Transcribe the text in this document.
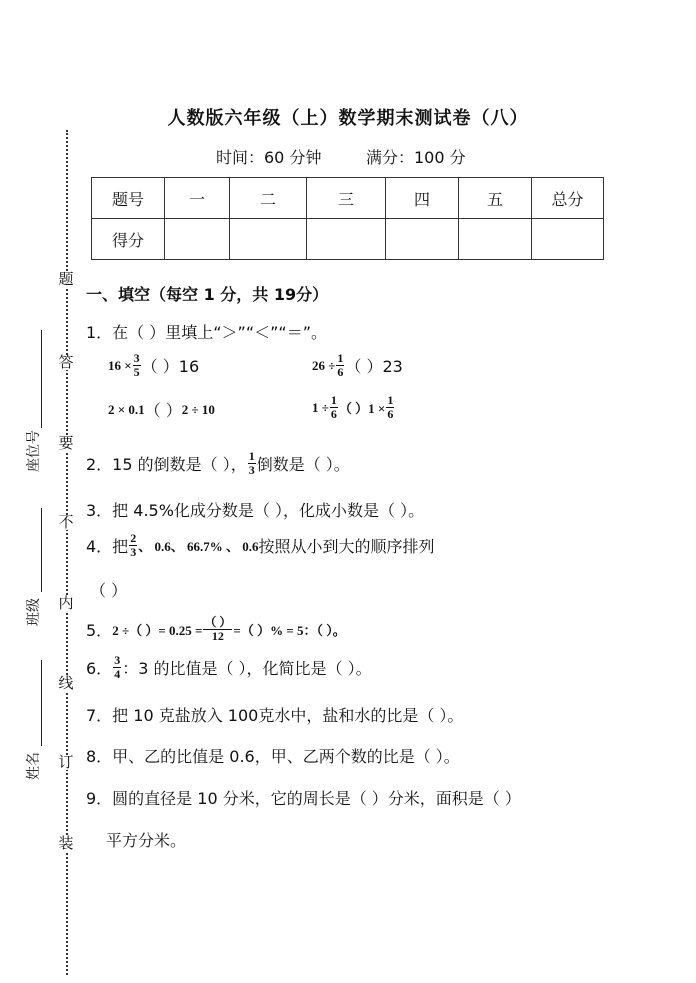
题
答
要
不
内
线
订
装
座位号
班级
姓名
人数版六年级（上）数学期末测试卷（八）
时间：60 分钟	满分：100 分
题号	一	二	三	四	五	总分
得分						
一、填空（每空 1 分，共 19分）
1．在（ ）里填上“＞”“＜”“＝”。
$16 \times \frac{3}{5}$ （ ）16	$26 \div \frac{1}{6}$ （ ）23
2 × 0.1 （ ） 2 ÷ 10	$1 \div \frac{1}{6}$ （ ）$1 \times \frac{1}{6}$
2．15 的倒数是（ ）， $\frac{1}{3}$ 倒数是（ ）。
3．把 4.5%化成分数是（ ），化成小数是（ ）。
4．把 $\frac{2}{3}$ 、 0.6、 66.7% 、 0.6 按照从小到大的顺序排列
（ ）
5． 2 ÷（ ）= $0.25 = \frac{( )}{12}$ =（ ）% = 5：（ ）。
6． $\frac{3}{4}$ ：3 的比值是（ ），化简比是（ ）。
7．把 10 克盐放入 100克水中，盐和水的比是（ ）。
8．甲、乙的比值是 0.6，甲、乙两个数的比是（ ）。
9．圆的直径是 10 分米，它的周长是（ ）分米，面积是（ ）
平方分米。
